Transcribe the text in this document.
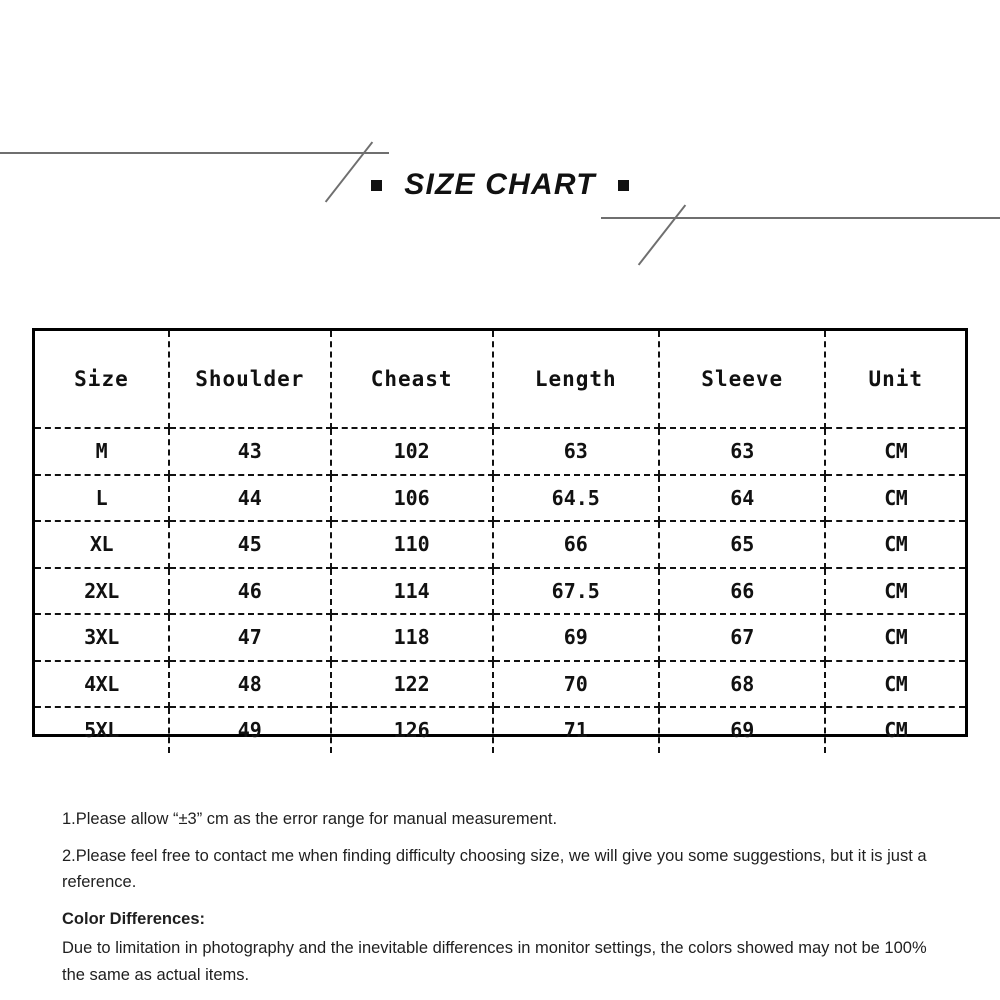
SIZE CHART
Size	Shoulder	Cheast	Length	Sleeve	Unit
M	43	102	63	63	CM
L	44	106	64.5	64	CM
XL	45	110	66	65	CM
2XL	46	114	67.5	66	CM
3XL	47	118	69	67	CM
4XL	48	122	70	68	CM
5XL	49	126	71	69	CM

1.Please allow “±3” cm as the error range for manual measurement.

2.Please feel free to contact me when finding difficulty choosing size, we will give you some suggestions, but it is just a reference.

Color Differences:

Due to limitation in photography and the inevitable differences in monitor settings, the colors showed may not be 100% the same as actual items.
